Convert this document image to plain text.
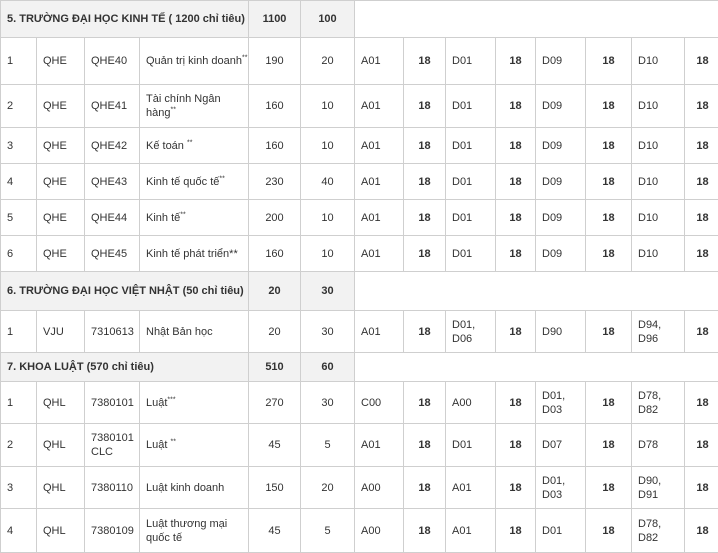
5. TRƯỜNG ĐẠI HỌC KINH TẾ ( 1200 chỉ tiêu)				1100	100								
1	QHE	QHE40	Quản trị kinh doanh**	190	20	A01	18	D01	18	D09	18	D10	18
2	QHE	QHE41	Tài chính Ngân hàng**	160	10	A01	18	D01	18	D09	18	D10	18
3	QHE	QHE42	Kế toán **	160	10	A01	18	D01	18	D09	18	D10	18
4	QHE	QHE43	Kinh tế quốc tế**	230	40	A01	18	D01	18	D09	18	D10	18
5	QHE	QHE44	Kinh tế**	200	10	A01	18	D01	18	D09	18	D10	18
6	QHE	QHE45	Kinh tế phát triển**	160	10	A01	18	D01	18	D09	18	D10	18
6. TRƯỜNG ĐẠI HỌC VIỆT NHẬT (50 chỉ tiêu)				20	30								
1	VJU	7310613	Nhật Bản học	20	30	A01	18	D01, D06	18	D90	18	D94, D96	18
7. KHOA LUẬT (570 chỉ tiêu)				510	60								
1	QHL	7380101	Luật***	270	30	C00	18	A00	18	D01, D03	18	D78, D82	18
2	QHL	7380101 CLC	Luật **	45	5	A01	18	D01	18	D07	18	D78	18
3	QHL	7380110	Luật kinh doanh	150	20	A00	18	A01	18	D01, D03	18	D90, D91	18
4	QHL	7380109	Luật thương mại quốc tế	45	5	A00	18	A01	18	D01	18	D78, D82	18
